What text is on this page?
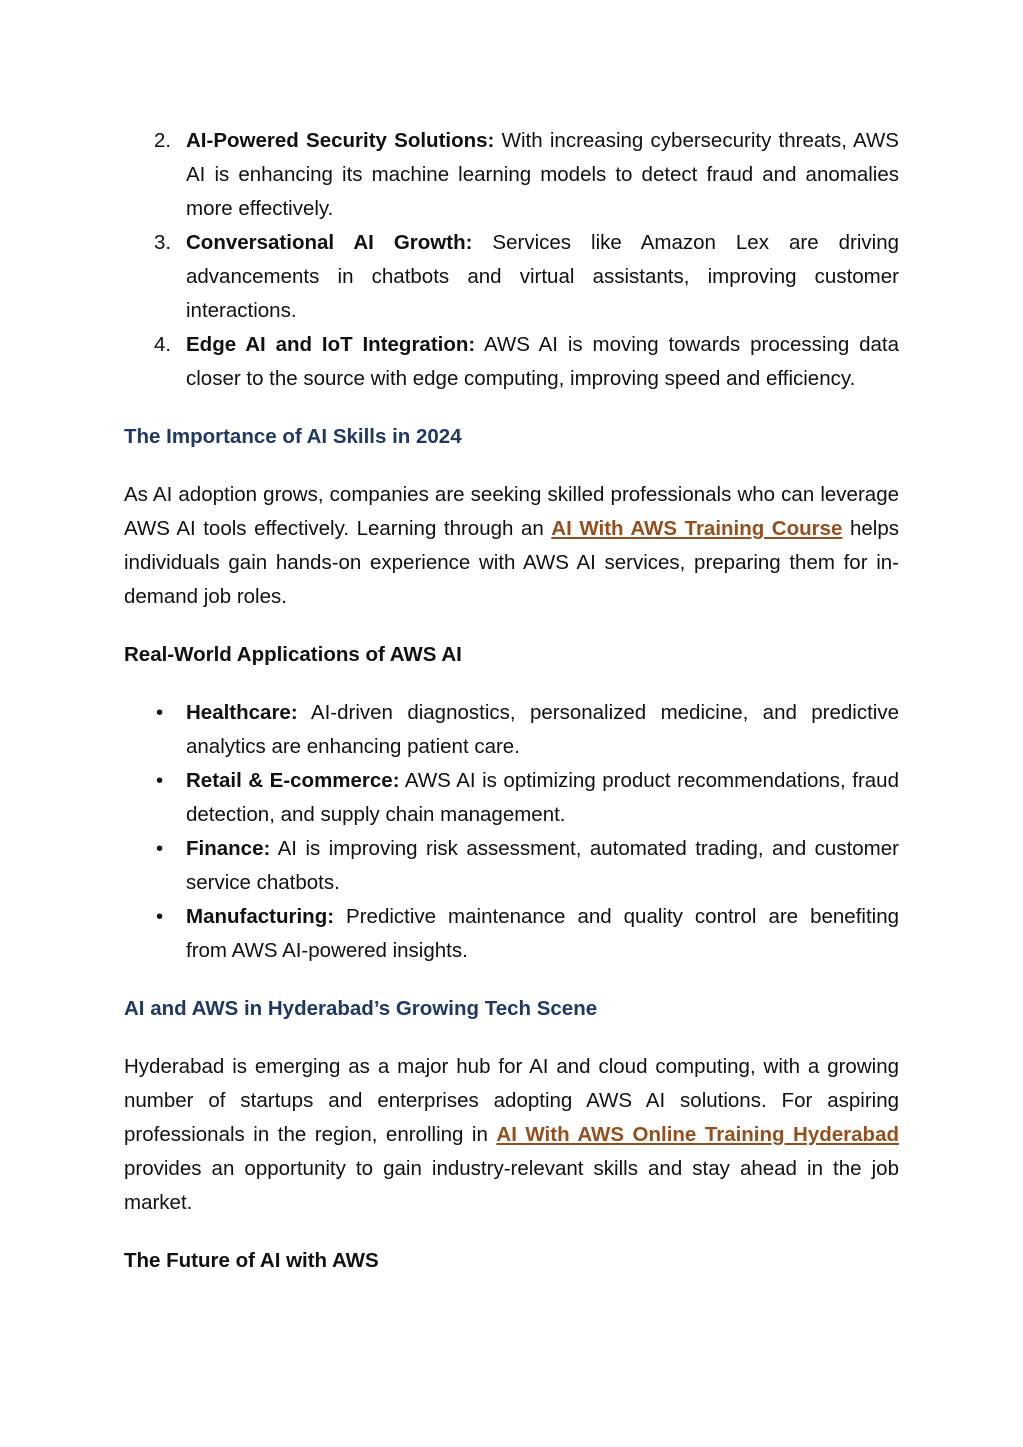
2. AI-Powered Security Solutions: With increasing cybersecurity threats, AWS AI is enhancing its machine learning models to detect fraud and anomalies more effectively.
3. Conversational AI Growth: Services like Amazon Lex are driving advancements in chatbots and virtual assistants, improving customer interactions.
4. Edge AI and IoT Integration: AWS AI is moving towards processing data closer to the source with edge computing, improving speed and efficiency.
The Importance of AI Skills in 2024

As AI adoption grows, companies are seeking skilled professionals who can leverage AWS AI tools effectively. Learning through an AI With AWS Training Course helps individuals gain hands-on experience with AWS AI services, preparing them for in-demand job roles.

Real-World Applications of AWS AI
• Healthcare: AI-driven diagnostics, personalized medicine, and predictive analytics are enhancing patient care.
• Retail & E-commerce: AWS AI is optimizing product recommendations, fraud detection, and supply chain management.
• Finance: AI is improving risk assessment, automated trading, and customer service chatbots.
• Manufacturing: Predictive maintenance and quality control are benefiting from AWS AI-powered insights.
AI and AWS in Hyderabad’s Growing Tech Scene

Hyderabad is emerging as a major hub for AI and cloud computing, with a growing number of startups and enterprises adopting AWS AI solutions. For aspiring professionals in the region, enrolling in AI With AWS Online Training Hyderabad provides an opportunity to gain industry-relevant skills and stay ahead in the job market.

The Future of AI with AWS
